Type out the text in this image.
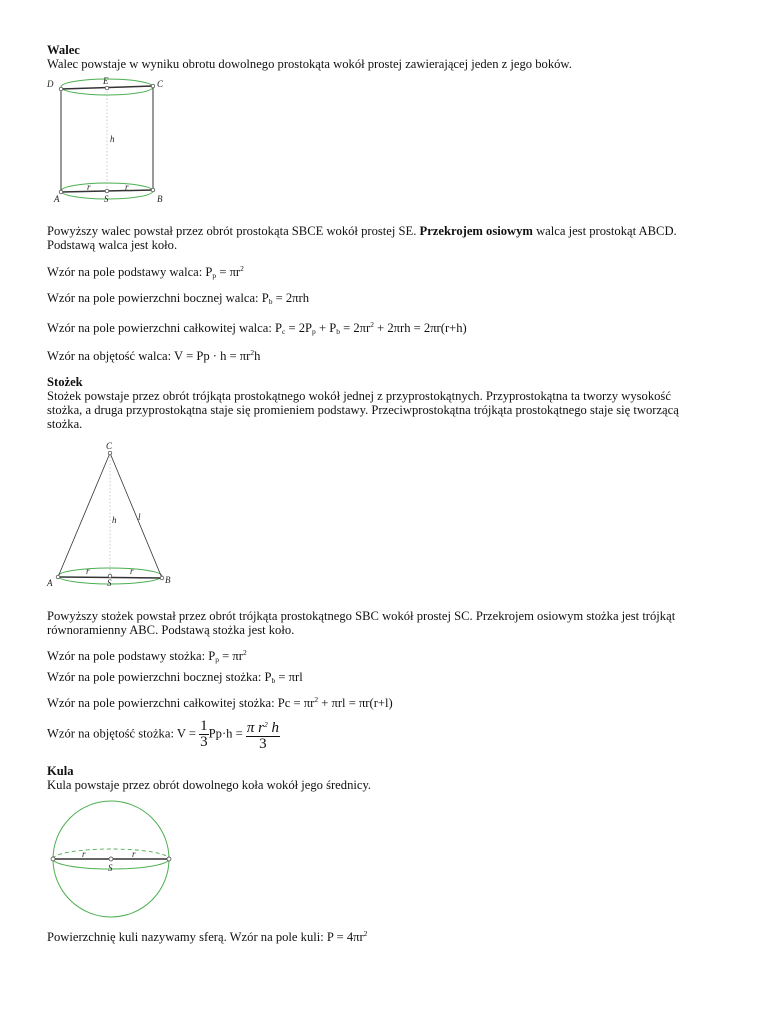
Walec
Walec powstaje w wyniku obrotu dowolnego prostokąta wokół prostej zawierającej jeden z jego boków.
D	E	C
h
A
r
S
r
B
Powyższy walec powstał przez obrót prostokąta SBCE wokół prostej SE. Przekrojem osiowym walca jest prostokąt ABCD.
Podstawą walca jest koło.
Wzór na pole podstawy walca: $P_p = \pi r^2$
Wzór na pole powierzchni bocznej walca: $P_b = 2\pi rh$
Wzór na pole powierzchni całkowitej walca: $P_c = 2P_p + P_b = 2\pi r^2 + 2\pi rh = 2\pi r(r+h)$
Wzór na objętość walca: $V = Pp \cdot h = \pi r^2h$
Stożek
Stożek powstaje przez obrót trójkąta prostokątnego wokół jednej z przyprostokątnych. Przyprostokątna ta tworzy wysokość
stożka, a druga przyprostokątna staje się promieniem podstawy. Przeciwprostokątna trójkąta prostokątnego staje się tworzącą
stożka.
C
h l
A
r
S
r
B
Powyższy stożek powstał przez obrót trójkąta prostokątnego SBC wokół prostej SC. Przekrojem osiowym stożka jest trójkąt
równoramienny ABC. Podstawą stożka jest koło.
Wzór na pole podstawy stożka: $P_p = \pi r^2$
Wzór na pole powierzchni bocznej stożka: $P_b = \pi rl$
Wzór na pole powierzchni całkowitej stożka: $Pc = \pi r^2 + \pi rl = \pi r(r+l)$
Wzór na objętość stożka: $V = \frac{1}{3} Pp\cdot h = \frac{\pi r^2 h}{3}$
Kula
Kula powstaje przez obrót dowolnego koła wokół jego średnicy.
r	r
S
Powierzchnię kuli nazywamy sferą. Wzór na pole kuli: $P = 4\pi r^2$
